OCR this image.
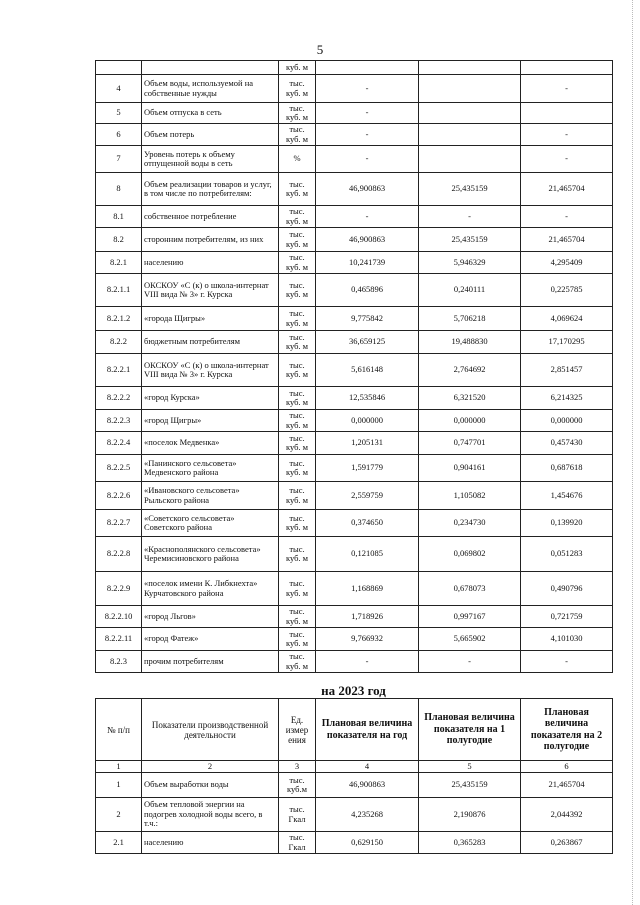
5
		куб. м			
4	Объем воды, используемой на собственные нужды	тыс. куб. м	-		-
5	Объем отпуска в сеть	тыс. куб. м	-		
6	Объем потерь	тыс. куб. м	-		-
7	Уровень потерь к объему отпущенной воды в сеть	%	-		-
8	Объем реализации товаров и услуг, в том числе по потребителям:	тыс. куб. м	46,900863	25,435159	21,465704
8.1	собственное потребление	тыс. куб. м	-	-	-
8.2	сторонним потребителям, из них	тыс. куб. м	46,900863	25,435159	21,465704
8.2.1	населению	тыс. куб. м	10,241739	5,946329	4,295409
8.2.1.1	ОКСКОУ «С (к) о школа-интернат VIII вида № 3» г. Курска	тыс. куб. м	0,465896	0,240111	0,225785
8.2.1.2	«города Щигры»	тыс. куб. м	9,775842	5,706218	4,069624
8.2.2	бюджетным потребителям	тыс. куб. м	36,659125	19,488830	17,170295
8.2.2.1	ОКСКОУ «С (к) о школа-интернат VIII вида № 3» г. Курска	тыс. куб. м	5,616148	2,764692	2,851457
8.2.2.2	«город Курска»	тыс. куб. м	12,535846	6,321520	6,214325
8.2.2.3	«город Щигры»	тыс. куб. м	0,000000	0,000000	0,000000
8.2.2.4	«поселок Медвенка»	тыс. куб. м	1,205131	0,747701	0,457430
8.2.2.5	«Панинского сельсовета» Медвенского района	тыс. куб. м	1,591779	0,904161	0,687618
8.2.2.6	«Ивановского сельсовета» Рыльского района	тыс. куб. м	2,559759	1,105082	1,454676
8.2.2.7	«Советского сельсовета» Советского района	тыс. куб. м	0,374650	0,234730	0,139920
8.2.2.8	«Краснополянского сельсовета» Черемисиновского района	тыс. куб. м	0,121085	0,069802	0,051283
8.2.2.9	«поселок имени К. Либкнехта» Курчатовского района	тыс. куб. м	1,168869	0,678073	0,490796
8.2.2.10	«город Льгов»	тыс. куб. м	1,718926	0,997167	0,721759
8.2.2.11	«город Фатеж»	тыс. куб. м	9,766932	5,665902	4,101030
8.2.3	прочим потребителям	тыс. куб. м	-	-	-
на 2023 год
№ п/п	Показатели производственной деятельности	Ед. измер ения	Плановая величина показателя на год	Плановая величина показателя на 1 полугодие	Плановая величина показателя на 2 полугодие
1	2	3	4	5	6
1	Объем выработки воды	тыс. куб.м	46,900863	25,435159	21,465704
2	Объем тепловой энергии на подогрев холодной воды всего, в т.ч.:	тыс. Гкал	4,235268	2,190876	2,044392
2.1	населению	тыс. Гкал	0,629150	0,365283	0,263867
